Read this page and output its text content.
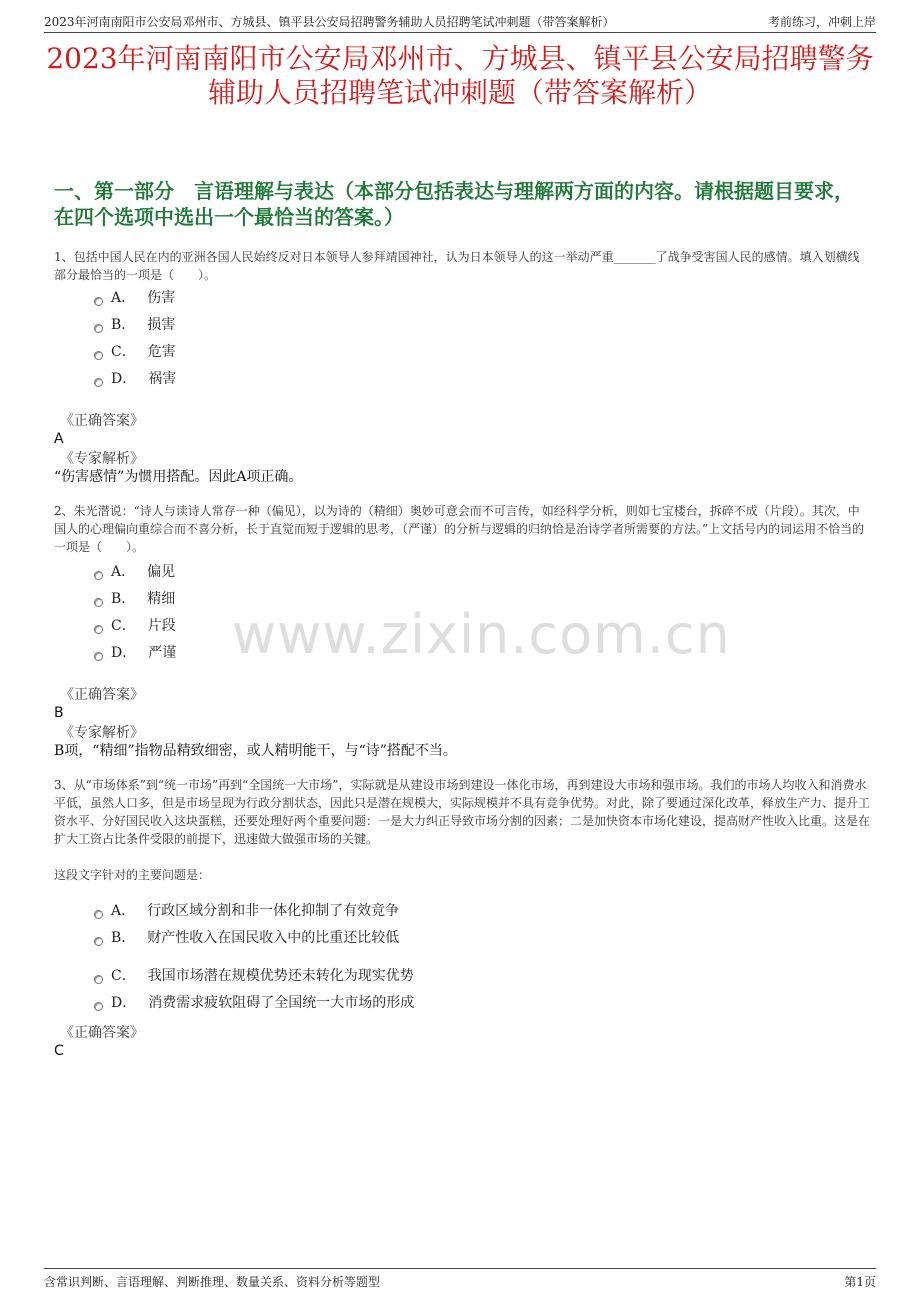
2023年河南南阳市公安局邓州市、方城县、镇平县公安局招聘警务辅助人员招聘笔试冲刺题（带答案解析）	考前练习，冲刺上岸
2023年河南南阳市公安局邓州市、方城县、镇平县公安局招聘警务辅助人员招聘笔试冲刺题（带答案解析）
一、第一部分　言语理解与表达（本部分包括表达与理解两方面的内容。请根据题目要求，在四个选项中选出一个最恰当的答案。）
www.zixin.com.cn
1、包括中国人民在内的亚洲各国人民始终反对日本领导人参拜靖国神社，认为日本领导人的这一举动严重_______了战争受害国人民的感情。填入划横线部分最恰当的一项是（　　）。
A． 伤害
B． 损害
C． 危害
D． 祸害
《正确答案》
A
《专家解析》
“伤害感情”为惯用搭配。因此A项正确。
2、朱光潜说：“诗人与读诗人常存一种（偏见），以为诗的（精细）奥妙可意会而不可言传，如经科学分析，则如七宝楼台，拆碎不成（片段）。其次，中国人的心理偏向重综合而不喜分析，长于直觉而短于逻辑的思考，（严谨）的分析与逻辑的归纳恰是治诗学者所需要的方法。”上文括号内的词运用不恰当的一项是（　　）。
A． 偏见
B． 精细
C． 片段
D． 严谨
《正确答案》
B
《专家解析》
B项，“精细”指物品精致细密，或人精明能干，与“诗”搭配不当。
3、从“市场体系”到“统一市场”再到“全国统一大市场”，实际就是从建设市场到建设一体化市场，再到建设大市场和强市场。我们的市场人均收入和消费水平低，虽然人口多，但是市场呈现为行政分割状态，因此只是潜在规模大，实际规模并不具有竞争优势。对此，除了要通过深化改革，释放生产力、提升工资水平、分好国民收入这块蛋糕，还要处理好两个重要问题：一是大力纠正导致市场分割的因素；二是加快资本市场化建设，提高财产性收入比重。这是在扩大工资占比条件受限的前提下，迅速做大做强市场的关键。
这段文字针对的主要问题是：
A． 行政区域分割和非一体化抑制了有效竞争
B． 财产性收入在国民收入中的比重还比较低
C． 我国市场潜在规模优势还未转化为现实优势
D． 消费需求疲软阻碍了全国统一大市场的形成
《正确答案》
C
含常识判断、言语理解、判断推理、数量关系、资料分析等题型	第1页
